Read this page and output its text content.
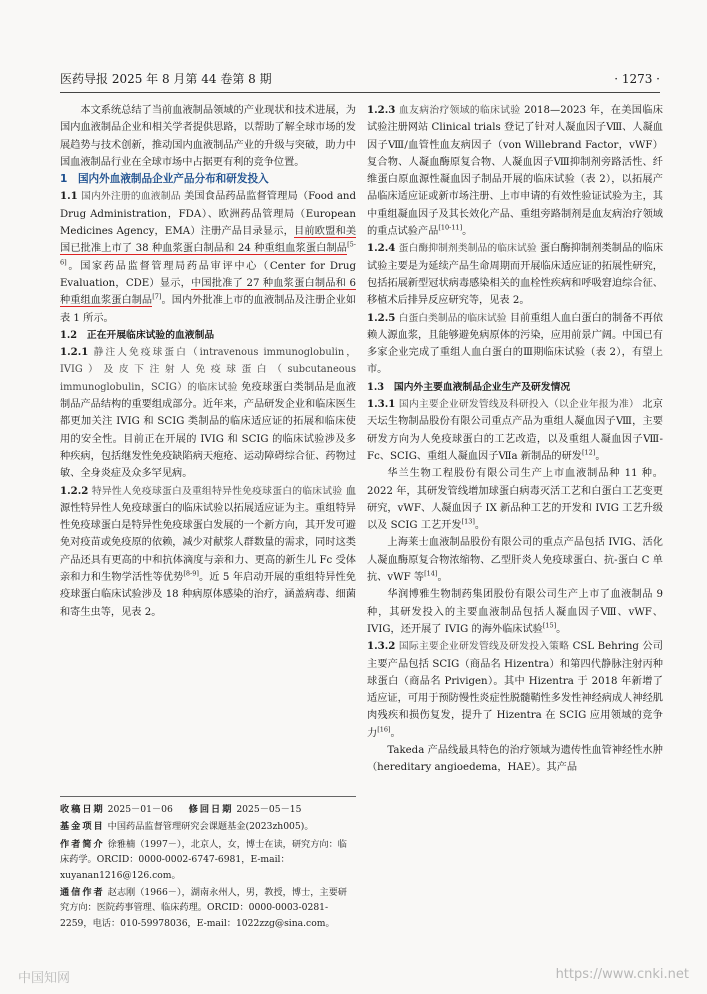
医药导报 2025 年 8 月第 44 卷第 8 期	· 1273 ·

本文系统总结了当前血液制品领域的产业现状和技术进展，为国内血液制品企业和相关学者提供思路，以帮助了解全球市场的发展趋势与技术创新，推动国内血液制品产业的升级与突破，助力中国血液制品行业在全球市场中占据更有利的竞争位置。

1　国内外血液制品企业产品分布和研发投入

1.1 国内外注册的血液制品 美国食品药品监督管理局（Food and Drug Administration，FDA）、欧洲药品管理局（European Medicines Agency，EMA）注册产品目录显示，目前欧盟和美国已批准上市了 38 种血浆蛋白制品和 24 种重组血浆蛋白制品[5-6]。国家药品监督管理局药品审评中心（Center for Drug Evaluation，CDE）显示，中国批准了 27 种血浆蛋白制品和 6 种重组血浆蛋白制品[7]。国内外批准上市的血液制品及注册企业如表 1 所示。

1.2　正在开展临床试验的血液制品

1.2.1 静注人免疫球蛋白（intravenous immunoglobulin，IVIG）及皮下注射人免疫球蛋白（subcutaneous immunoglobulin，SCIG）的临床试验 免疫球蛋白类制品是血液制品产品结构的重要组成部分。近年来，产品研发企业和临床医生都更加关注 IVIG 和 SCIG 类制品的临床适应证的拓展和临床使用的安全性。目前正在开展的 IVIG 和 SCIG 的临床试验涉及多种疾病，包括继发性免疫缺陷病天疱疮、运动障碍综合征、药物过敏、全身炎症及众多罕见病。

1.2.2 特异性人免疫球蛋白及重组特异性免疫球蛋白的临床试验 血源性特异性人免疫球蛋白的临床试验以拓展适应证为主。重组特异性免疫球蛋白是特异性免疫球蛋白发展的一个新方向，其开发可避免对疫苗或免疫原的依赖，减少对献浆人群数量的需求，同时这类产品还具有更高的中和抗体滴度与亲和力、更高的新生儿 Fc 受体亲和力和生物学活性等优势[8-9]。近 5 年启动开展的重组特异性免疫球蛋白临床试验涉及 18 种病原体感染的治疗，涵盖病毒、细菌和寄生虫等，见表 2。

收稿日期 2025－01－06 修回日期 2025－05－15

基金项目 中国药品监督管理研究会课题基金(2023zh005)。

作者简介 徐雅楠（1997－），北京人，女，博士在读，研究方向：临床药学。ORCID：0000-0002-6747-6981，E-mail：xuyanan1216@126.com。

通信作者 赵志刚（1966－），湖南永州人，男，教授，博士，主要研究方向：医院药事管理、临床药理。ORCID：0000-0003-0281-2259，电话：010-59978036，E-mail：1022zzg@sina.com。

1.2.3 血友病治疗领域的临床试验 2018—2023 年，在美国临床试验注册网站 Clinical trials 登记了针对人凝血因子Ⅷ、人凝血因子Ⅷ/血管性血友病因子（von Willebrand Factor，vWF）复合物、人凝血酶原复合物、人凝血因子Ⅷ抑制剂旁路活性、纤维蛋白原血源性凝血因子制品开展的临床试验（表 2），以拓展产品临床适应证或新市场注册、上市申请的有效性验证试验为主，其中重组凝血因子及其长效化产品、重组旁路制剂是血友病治疗领域的重点试验产品[10-11]。

1.2.4 蛋白酶抑制剂类制品的临床试验 蛋白酶抑制剂类制品的临床试验主要是为延续产品生命周期而开展临床适应证的拓展性研究，包括拓展新型冠状病毒感染相关的血栓性疾病和呼吸窘迫综合征、移植术后排异反应研究等，见表 2。

1.2.5 白蛋白类制品的临床试验 目前重组人血白蛋白的制备不再依赖人源血浆，且能够避免病原体的污染，应用前景广阔。中国已有多家企业完成了重组人血白蛋白的Ⅲ期临床试验（表 2），有望上市。

1.3　国内外主要血液制品企业生产及研发情况

1.3.1 国内主要企业研发管线及科研投入（以企业年报为准） 北京天坛生物制品股份有限公司重点产品为重组人凝血因子Ⅷ，主要研发方向为人免疫球蛋白的工艺改造，以及重组人凝血因子Ⅷ-Fc、SCIG、重组人凝血因子Ⅶa 新制品的研发[12]。

华兰生物工程股份有限公司生产上市血液制品种 11 种。2022 年，其研发管线增加球蛋白病毒灭活工艺和白蛋白工艺变更研究，vWF、人凝血因子 IX 新品种工艺的开发和 IVIG 工艺升级以及 SCIG 工艺开发[13]。

上海莱士血液制品股份有限公司的重点产品包括 IVIG、活化人凝血酶原复合物浓缩物、乙型肝炎人免疫球蛋白、抗-蛋白 C 单抗、vWF 等[14]。

华润博雅生物制药集团股份有限公司生产上市了血液制品 9 种，其研发投入的主要血液制品包括人凝血因子Ⅷ、vWF、IVIG，还开展了 IVIG 的海外临床试验[15]。

1.3.2 国际主要企业研发管线及研发投入策略 CSL Behring 公司主要产品包括 SCIG（商品名 Hizentra）和第四代静脉注射丙种球蛋白（商品名 Privigen）。其中 Hizentra 于 2018 年新增了适应证，可用于预防慢性炎症性脱髓鞘性多发性神经病成人神经肌肉残疾和损伤复发，提升了 Hizentra 在 SCIG 应用领域的竞争力[16]。

Takeda 产品线最具特色的治疗领域为遗传性血管神经性水肿（hereditary angioedema，HAE）。其产品

中国知网	https://www.cnki.net
